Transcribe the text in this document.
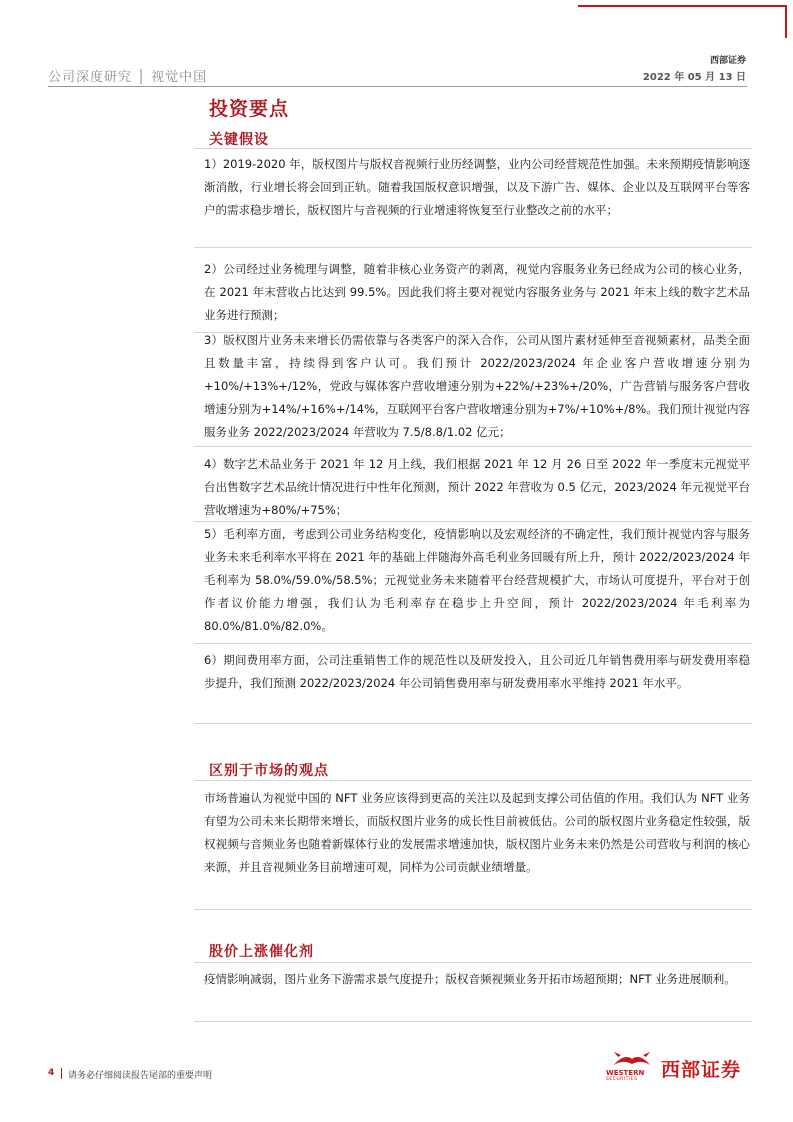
公司深度研究 │ 视觉中国
西部证券
2022 年 05 月 13 日
投资要点
关键假设

1）2019-2020 年，版权图片与版权音视频行业历经调整，业内公司经营规范性加强。未来预期疫情影响逐渐消散，行业增长将会回到正轨。随着我国版权意识增强，以及下游广告、媒体、企业以及互联网平台等客户的需求稳步增长，版权图片与音视频的行业增速将恢复至行业整改之前的水平；

2）公司经过业务梳理与调整，随着非核心业务资产的剥离，视觉内容服务业务已经成为公司的核心业务，在 2021 年末营收占比达到 99.5%。因此我们将主要对视觉内容服务业务与 2021 年末上线的数字艺术品业务进行预测；

3）版权图片业务未来增长仍需依靠与各类客户的深入合作，公司从图片素材延伸至音视频素材，品类全面且数量丰富，持续得到客户认可。我们预计 2022/2023/2024 年企业客户营收增速分别为+10%/+13%+/12%，党政与媒体客户营收增速分别为+22%/+23%+/20%，广告营销与服务客户营收增速分别为+14%/+16%+/14%，互联网平台客户营收增速分别为+7%/+10%+/8%。我们预计视觉内容服务业务 2022/2023/2024 年营收为 7.5/8.8/1.02 亿元；

4）数字艺术品业务于 2021 年 12 月上线，我们根据 2021 年 12 月 26 日至 2022 年一季度末元视觉平台出售数字艺术品统计情况进行中性年化预测，预计 2022 年营收为 0.5 亿元，2023/2024 年元视觉平台营收增速为+80%/+75%；

5）毛利率方面，考虑到公司业务结构变化，疫情影响以及宏观经济的不确定性，我们预计视觉内容与服务业务未来毛利率水平将在 2021 年的基础上伴随海外高毛利业务回暖有所上升，预计 2022/2023/2024 年毛利率为 58.0%/59.0%/58.5%；元视觉业务未来随着平台经营规模扩大，市场认可度提升，平台对于创作者议价能力增强，我们认为毛利率存在稳步上升空间，预计 2022/2023/2024 年毛利率为 80.0%/81.0%/82.0%。

6）期间费用率方面，公司注重销售工作的规范性以及研发投入，且公司近几年销售费用率与研发费用率稳步提升，我们预测 2022/2023/2024 年公司销售费用率与研发费用率水平维持 2021 年水平。

区别于市场的观点

市场普遍认为视觉中国的 NFT 业务应该得到更高的关注以及起到支撑公司估值的作用。我们认为 NFT 业务有望为公司未来长期带来增长，而版权图片业务的成长性目前被低估。公司的版权图片业务稳定性较强，版权视频与音频业务也随着新媒体行业的发展需求增速加快，版权图片业务未来仍然是公司营收与利润的核心来源，并且音视频业务目前增速可观，同样为公司贡献业绩增量。

股价上涨催化剂

疫情影响减弱，图片业务下游需求景气度提升；版权音频视频业务开拓市场超预期；NFT 业务进展顺利。

4 请务必仔细阅读报告尾部的重要声明	WESTERN
SECURITIES 西部证券
